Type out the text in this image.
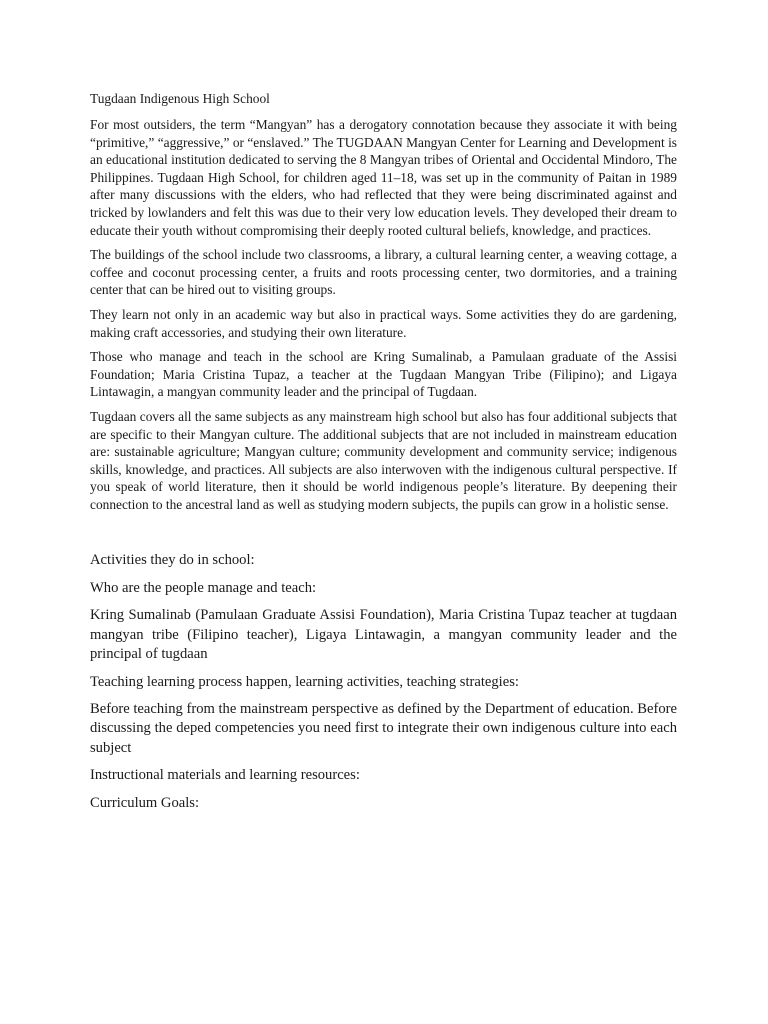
Tugdaan Indigenous High School

For most outsiders, the term “Mangyan” has a derogatory connotation because they associate it with being “primitive,” “aggressive,” or “enslaved.” The TUGDAAN Mangyan Center for Learning and Development is an educational institution dedicated to serving the 8 Mangyan tribes of Oriental and Occidental Mindoro, The Philippines. Tugdaan High School, for children aged 11–18, was set up in the community of Paitan in 1989 after many discussions with the elders, who had reflected that they were being discriminated against and tricked by lowlanders and felt this was due to their very low education levels. They developed their dream to educate their youth without compromising their deeply rooted cultural beliefs, knowledge, and practices.

The buildings of the school include two classrooms, a library, a cultural learning center, a weaving cottage, a coffee and coconut processing center, a fruits and roots processing center, two dormitories, and a training center that can be hired out to visiting groups.

They learn not only in an academic way but also in practical ways. Some activities they do are gardening, making craft accessories, and studying their own literature.

Those who manage and teach in the school are Kring Sumalinab, a Pamulaan graduate of the Assisi Foundation; Maria Cristina Tupaz, a teacher at the Tugdaan Mangyan Tribe (Filipino); and Ligaya Lintawagin, a mangyan community leader and the principal of Tugdaan.

Tugdaan covers all the same subjects as any mainstream high school but also has four additional subjects that are specific to their Mangyan culture. The additional subjects that are not included in mainstream education are: sustainable agriculture; Mangyan culture; community development and community service; indigenous skills, knowledge, and practices. All subjects are also interwoven with the indigenous cultural perspective. If you speak of world literature, then it should be world indigenous people’s literature. By deepening their connection to the ancestral land as well as studying modern subjects, the pupils can grow in a holistic sense.

Activities they do in school:

Who are the people manage and teach:

Kring Sumalinab (Pamulaan Graduate Assisi Foundation), Maria Cristina Tupaz teacher at tugdaan mangyan tribe (Filipino teacher), Ligaya Lintawagin, a mangyan community leader and the principal of tugdaan

Teaching learning process happen, learning activities, teaching strategies:

Before teaching from the mainstream perspective as defined by the Department of education. Before discussing the deped competencies you need first to integrate their own indigenous culture into each subject

Instructional materials and learning resources:

Curriculum Goals:
